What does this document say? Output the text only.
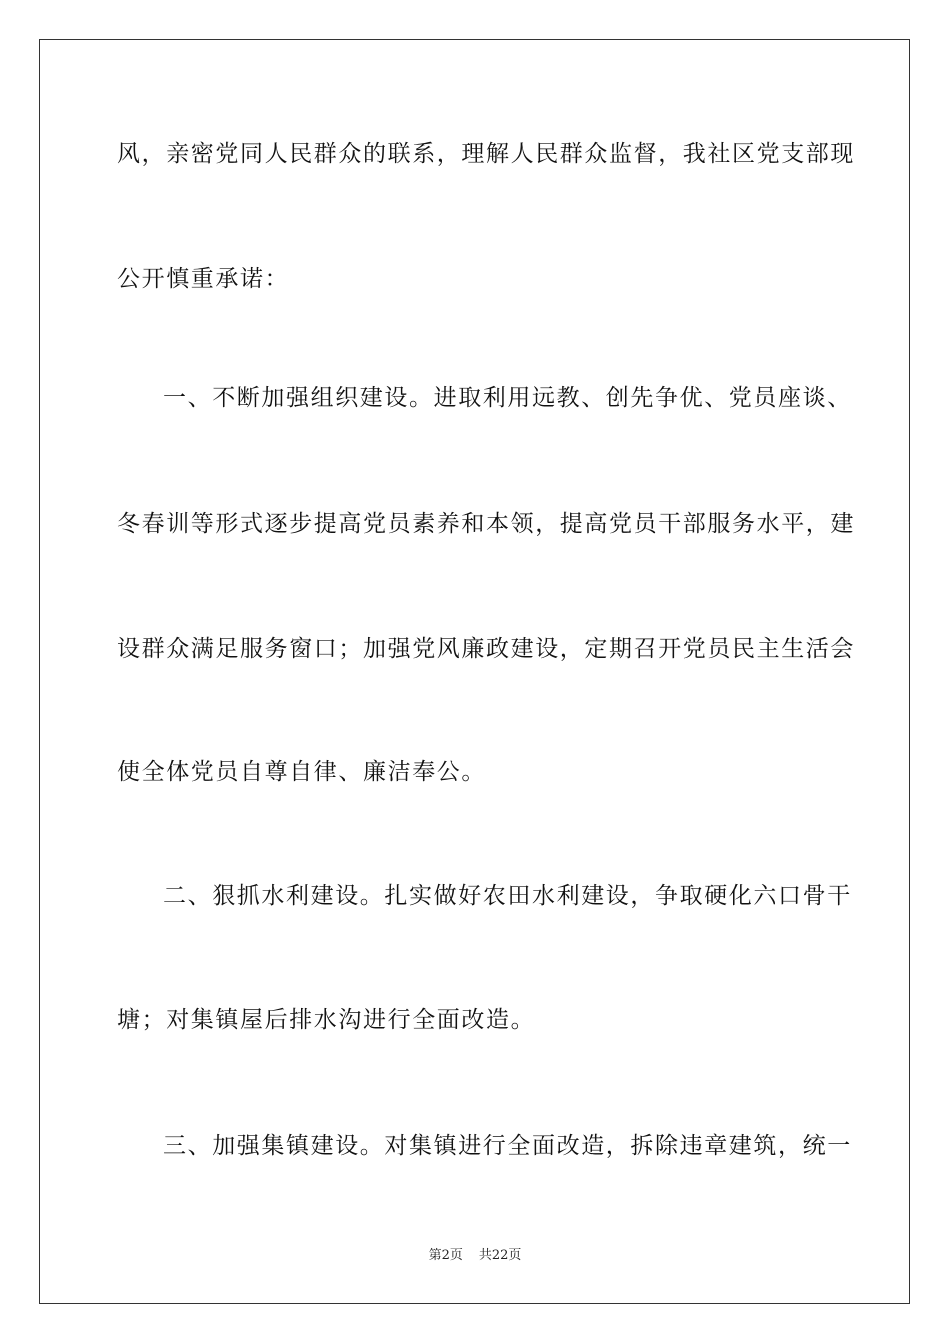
风，亲密党同人民群众的联系，理解人民群众监督，我社区党支部现
公开慎重承诺：
一、不断加强组织建设。进取利用远教、创先争优、党员座谈、
冬春训等形式逐步提高党员素养和本领，提高党员干部服务水平，建
设群众满足服务窗口；加强党风廉政建设，定期召开党员民主生活会
使全体党员自尊自律、廉洁奉公。
二、狠抓水利建设。扎实做好农田水利建设，争取硬化六口骨干
塘；对集镇屋后排水沟进行全面改造。
三、加强集镇建设。对集镇进行全面改造，拆除违章建筑，统一
第2页 共22页
